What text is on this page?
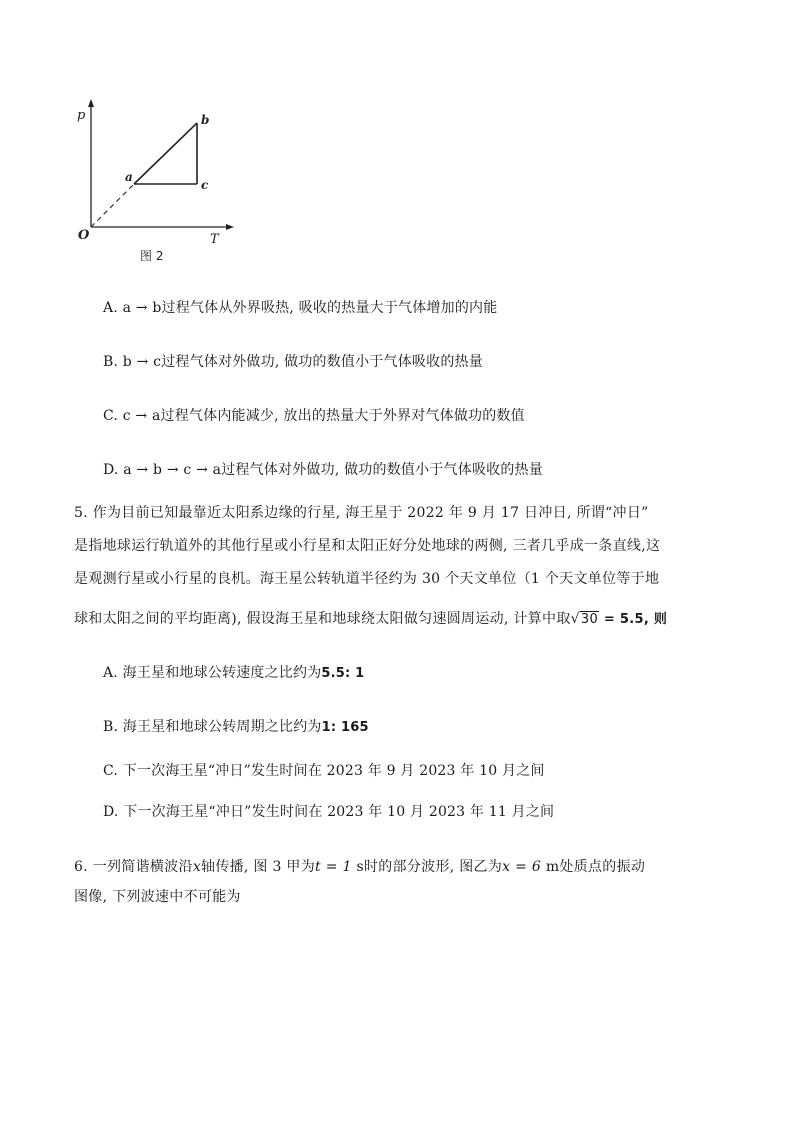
p
T
O
a
b
c
图 2
A. a → b过程气体从外界吸热, 吸收的热量大于气体增加的内能
B. b → c过程气体对外做功, 做功的数值小于气体吸收的热量
C. c → a过程气体内能减少, 放出的热量大于外界对气体做功的数值
D. a → b → c → a过程气体对外做功, 做功的数值小于气体吸收的热量
5. 作为目前已知最靠近太阳系边缘的行星, 海王星于 2022 年 9 月 17 日冲日, 所谓“冲日”
是指地球运行轨道外的其他行星或小行星和太阳正好分处地球的两侧, 三者几乎成一条直线,这
是观测行星或小行星的良机。海王星公转轨道半径约为 30 个天文单位（1 个天文单位等于地
球和太阳之间的平均距离), 假设海王星和地球绕太阳做匀速圆周运动, 计算中取√30 = 5.5, 则
A. 海王星和地球公转速度之比约为5.5: 1
B. 海王星和地球公转周期之比约为1: 165
C. 下一次海王星“冲日”发生时间在 2023 年 9 月 2023 年 10 月之间
D. 下一次海王星“冲日”发生时间在 2023 年 10 月 2023 年 11 月之间
6. 一列简谐横波沿x轴传播, 图 3 甲为t = 1 s时的部分波形, 图乙为x = 6 m处质点的振动
图像, 下列波速中不可能为
